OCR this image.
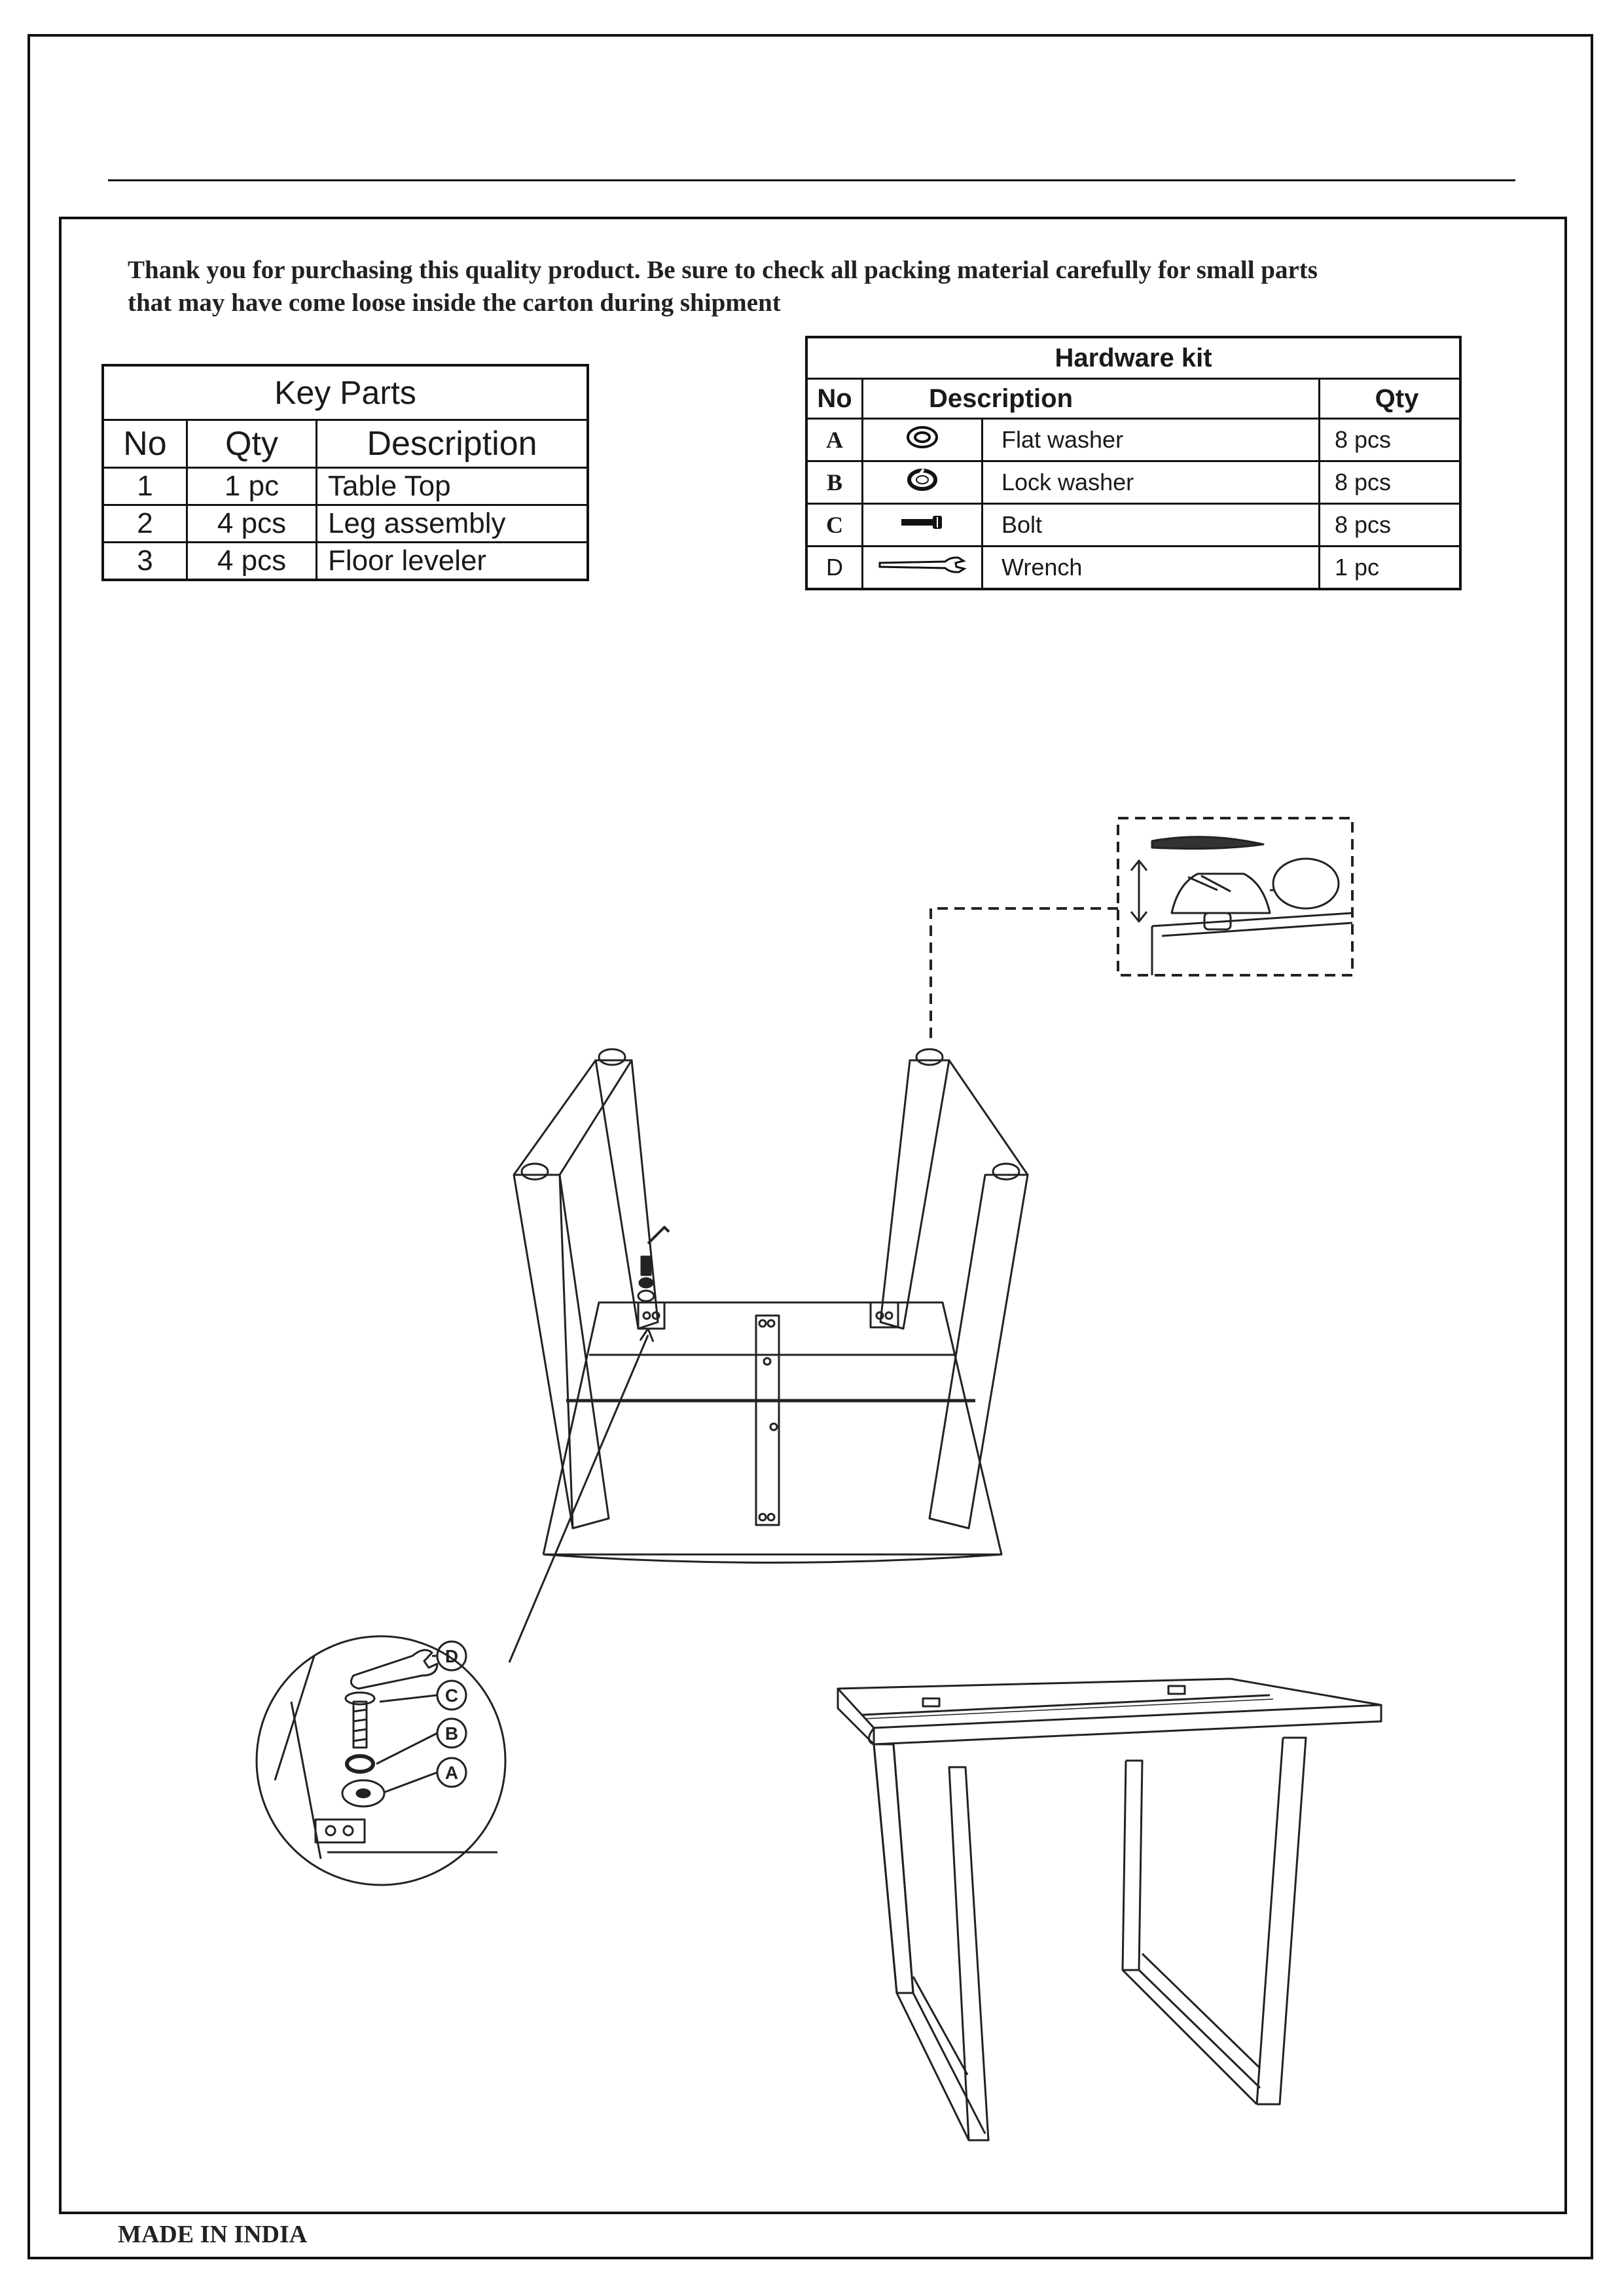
Thank you for purchasing this quality product. Be sure to check all packing material carefully for small parts
that may have come loose inside the carton during shipment
Key Parts		
No	Qty	Description
1	1 pc	Table Top
2	4 pcs	Leg assembly
3	4 pcs	Floor leveler
Hardware kit			
No	Description		Qty
A		Flat washer	8 pcs
B		Lock washer	8 pcs
C		Bolt	8 pcs
D		Wrench	1 pc
D
C
B
A
MADE IN INDIA
